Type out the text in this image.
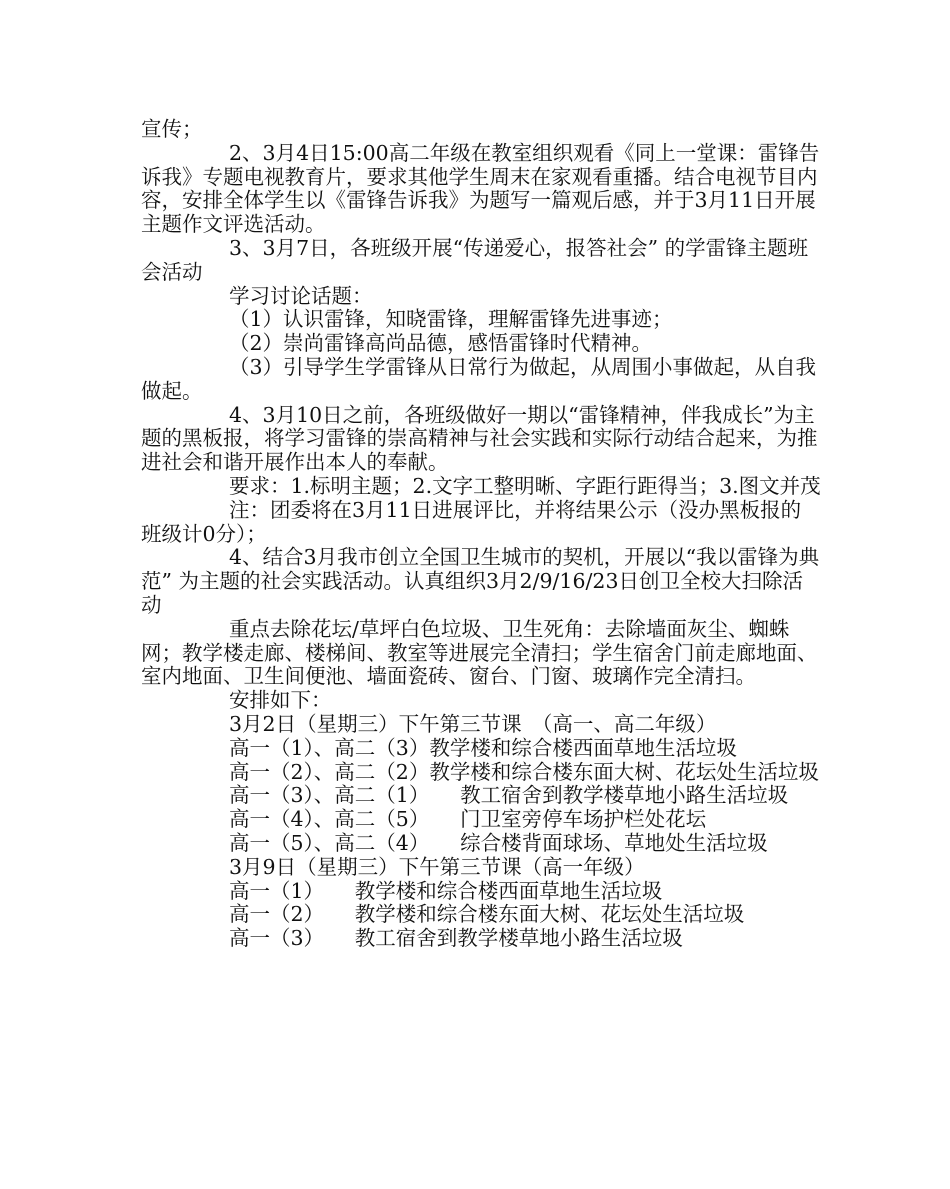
宣传；

2、3月4日15:00高二年级在教室组织观看《同上一堂课：雷锋告诉我》专题电视教育片，要求其他学生周末在家观看重播。结合电视节目内容，安排全体学生以《雷锋告诉我》为题写一篇观后感，并于3月11日开展主题作文评选活动。

3、3月7日，各班级开展“传递爱心，报答社会” 的学雷锋主题班会活动

学习讨论话题：

（1）认识雷锋，知晓雷锋，理解雷锋先进事迹；

（2）崇尚雷锋高尚品德，感悟雷锋时代精神。

（3）引导学生学雷锋从日常行为做起，从周围小事做起，从自我做起。

4、3月10日之前，各班级做好一期以“雷锋精神，伴我成长”为主题的黑板报，将学习雷锋的崇高精神与社会实践和实际行动结合起来，为推进社会和谐开展作出本人的奉献。

要求：1.标明主题；2.文字工整明晰、字距行距得当；3.图文并茂

注：团委将在3月11日进展评比，并将结果公示（没办黑板报的班级计0分）；

4、结合3月我市创立全国卫生城市的契机，开展以“我以雷锋为典范” 为主题的社会实践活动。认真组织3月2/9/16/23日创卫全校大扫除活动

重点去除花坛/草坪白色垃圾、卫生死角：去除墙面灰尘、蜘蛛网；教学楼走廊、楼梯间、教室等进展完全清扫；学生宿舍门前走廊地面、室内地面、卫生间便池、墙面瓷砖、窗台、门窗、玻璃作完全清扫。

安排如下：

3月2日（星期三）下午第三节课　（高一、高二年级）

高一（1）、高二（3）教学楼和综合楼西面草地生活垃圾

高一（2）、高二（2）教学楼和综合楼东面大树、花坛处生活垃圾

高一（3）、高二（1）　　教工宿舍到教学楼草地小路生活垃圾

高一（4）、高二（5）　　门卫室旁停车场护栏处花坛

高一（5）、高二（4）　　综合楼背面球场、草地处生活垃圾

3月9日（星期三）下午第三节课（高一年级）

高一（1）　　教学楼和综合楼西面草地生活垃圾

高一（2）　　教学楼和综合楼东面大树、花坛处生活垃圾

高一（3）　　教工宿舍到教学楼草地小路生活垃圾
